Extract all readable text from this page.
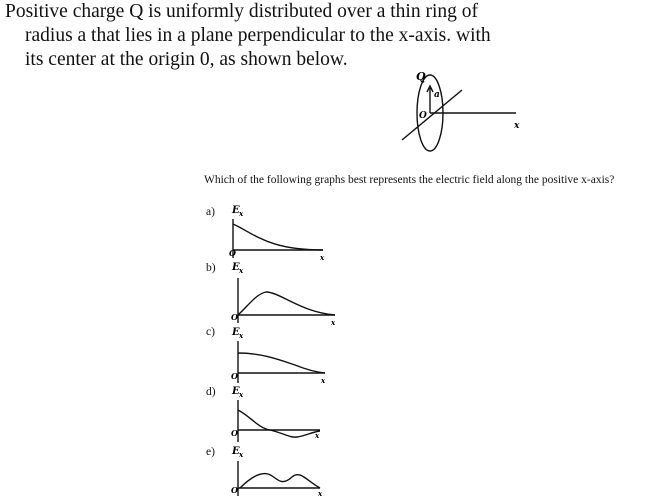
Positive charge Q is uniformly distributed over a thin ring of
radius a that lies in a plane perpendicular to the x-axis. with
its center at the origin 0, as shown below.
Which of the following graphs best represents the electric field along the positive x-axis?
a)
b)
c)
d)
e)
Q
a
O
x
E x
O	x
E x
O
x
E x
O	x
E x
O	x
E x
O	x
